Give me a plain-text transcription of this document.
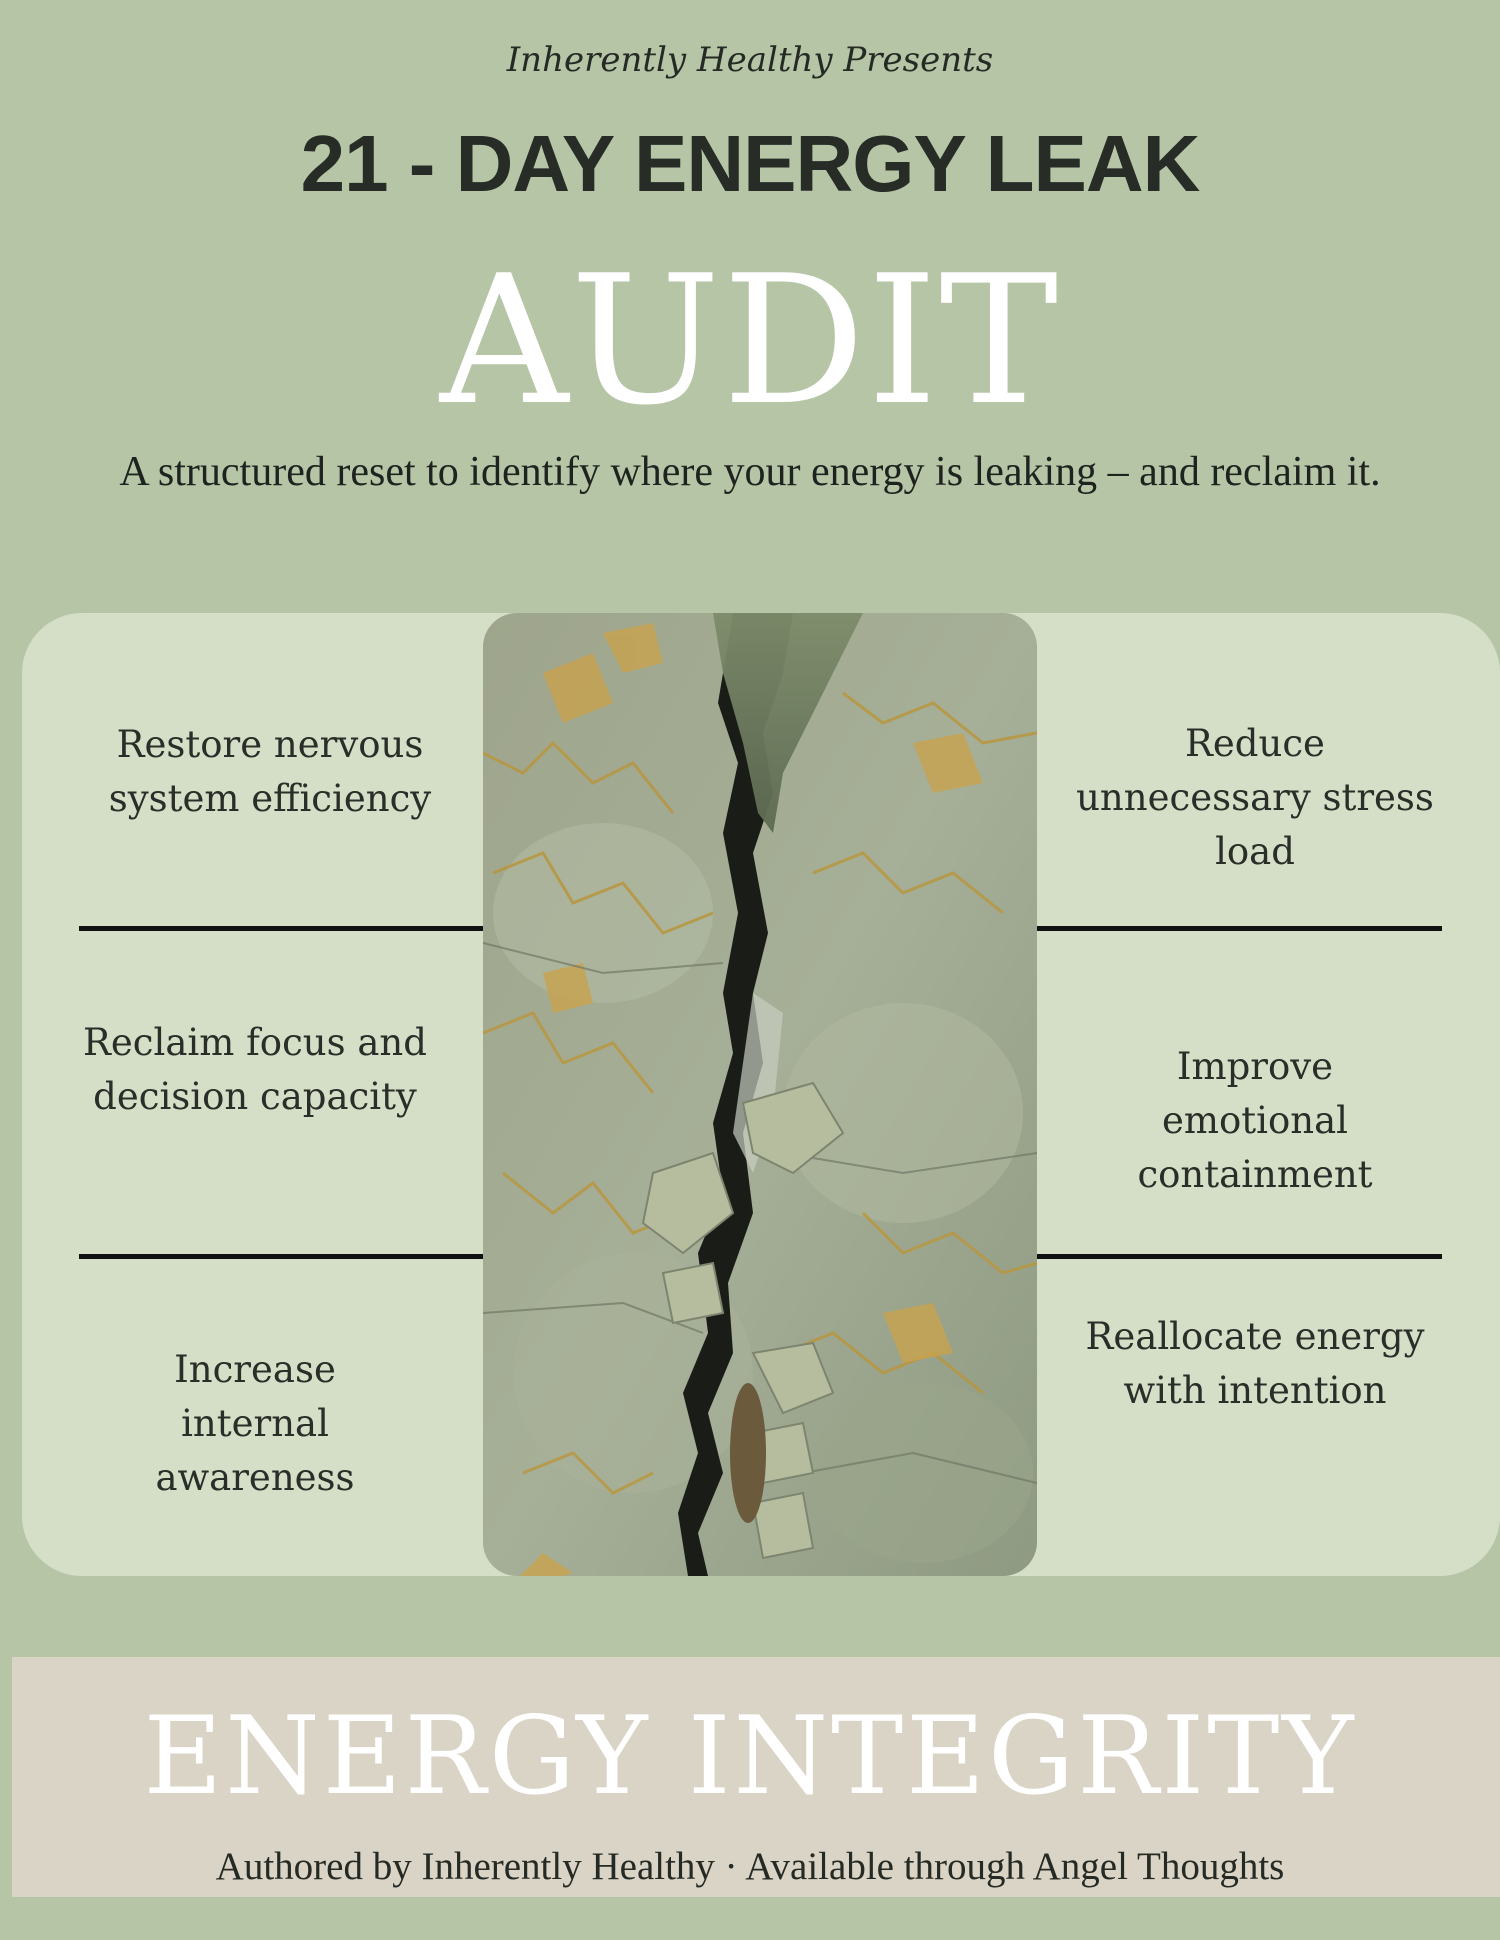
Inherently Healthy Presents
21 - DAY ENERGY LEAK
AUDIT
A structured reset to identify where your energy is leaking – and reclaim it.
Restore nervous
system efficiency
Reclaim focus and
decision capacity
Increase
internal
awareness
Reduce
unnecessary stress
load
Improve
emotional
containment
Reallocate energy
with intention
ENERGY INTEGRITY
Authored by Inherently Healthy · Available through Angel Thoughts
